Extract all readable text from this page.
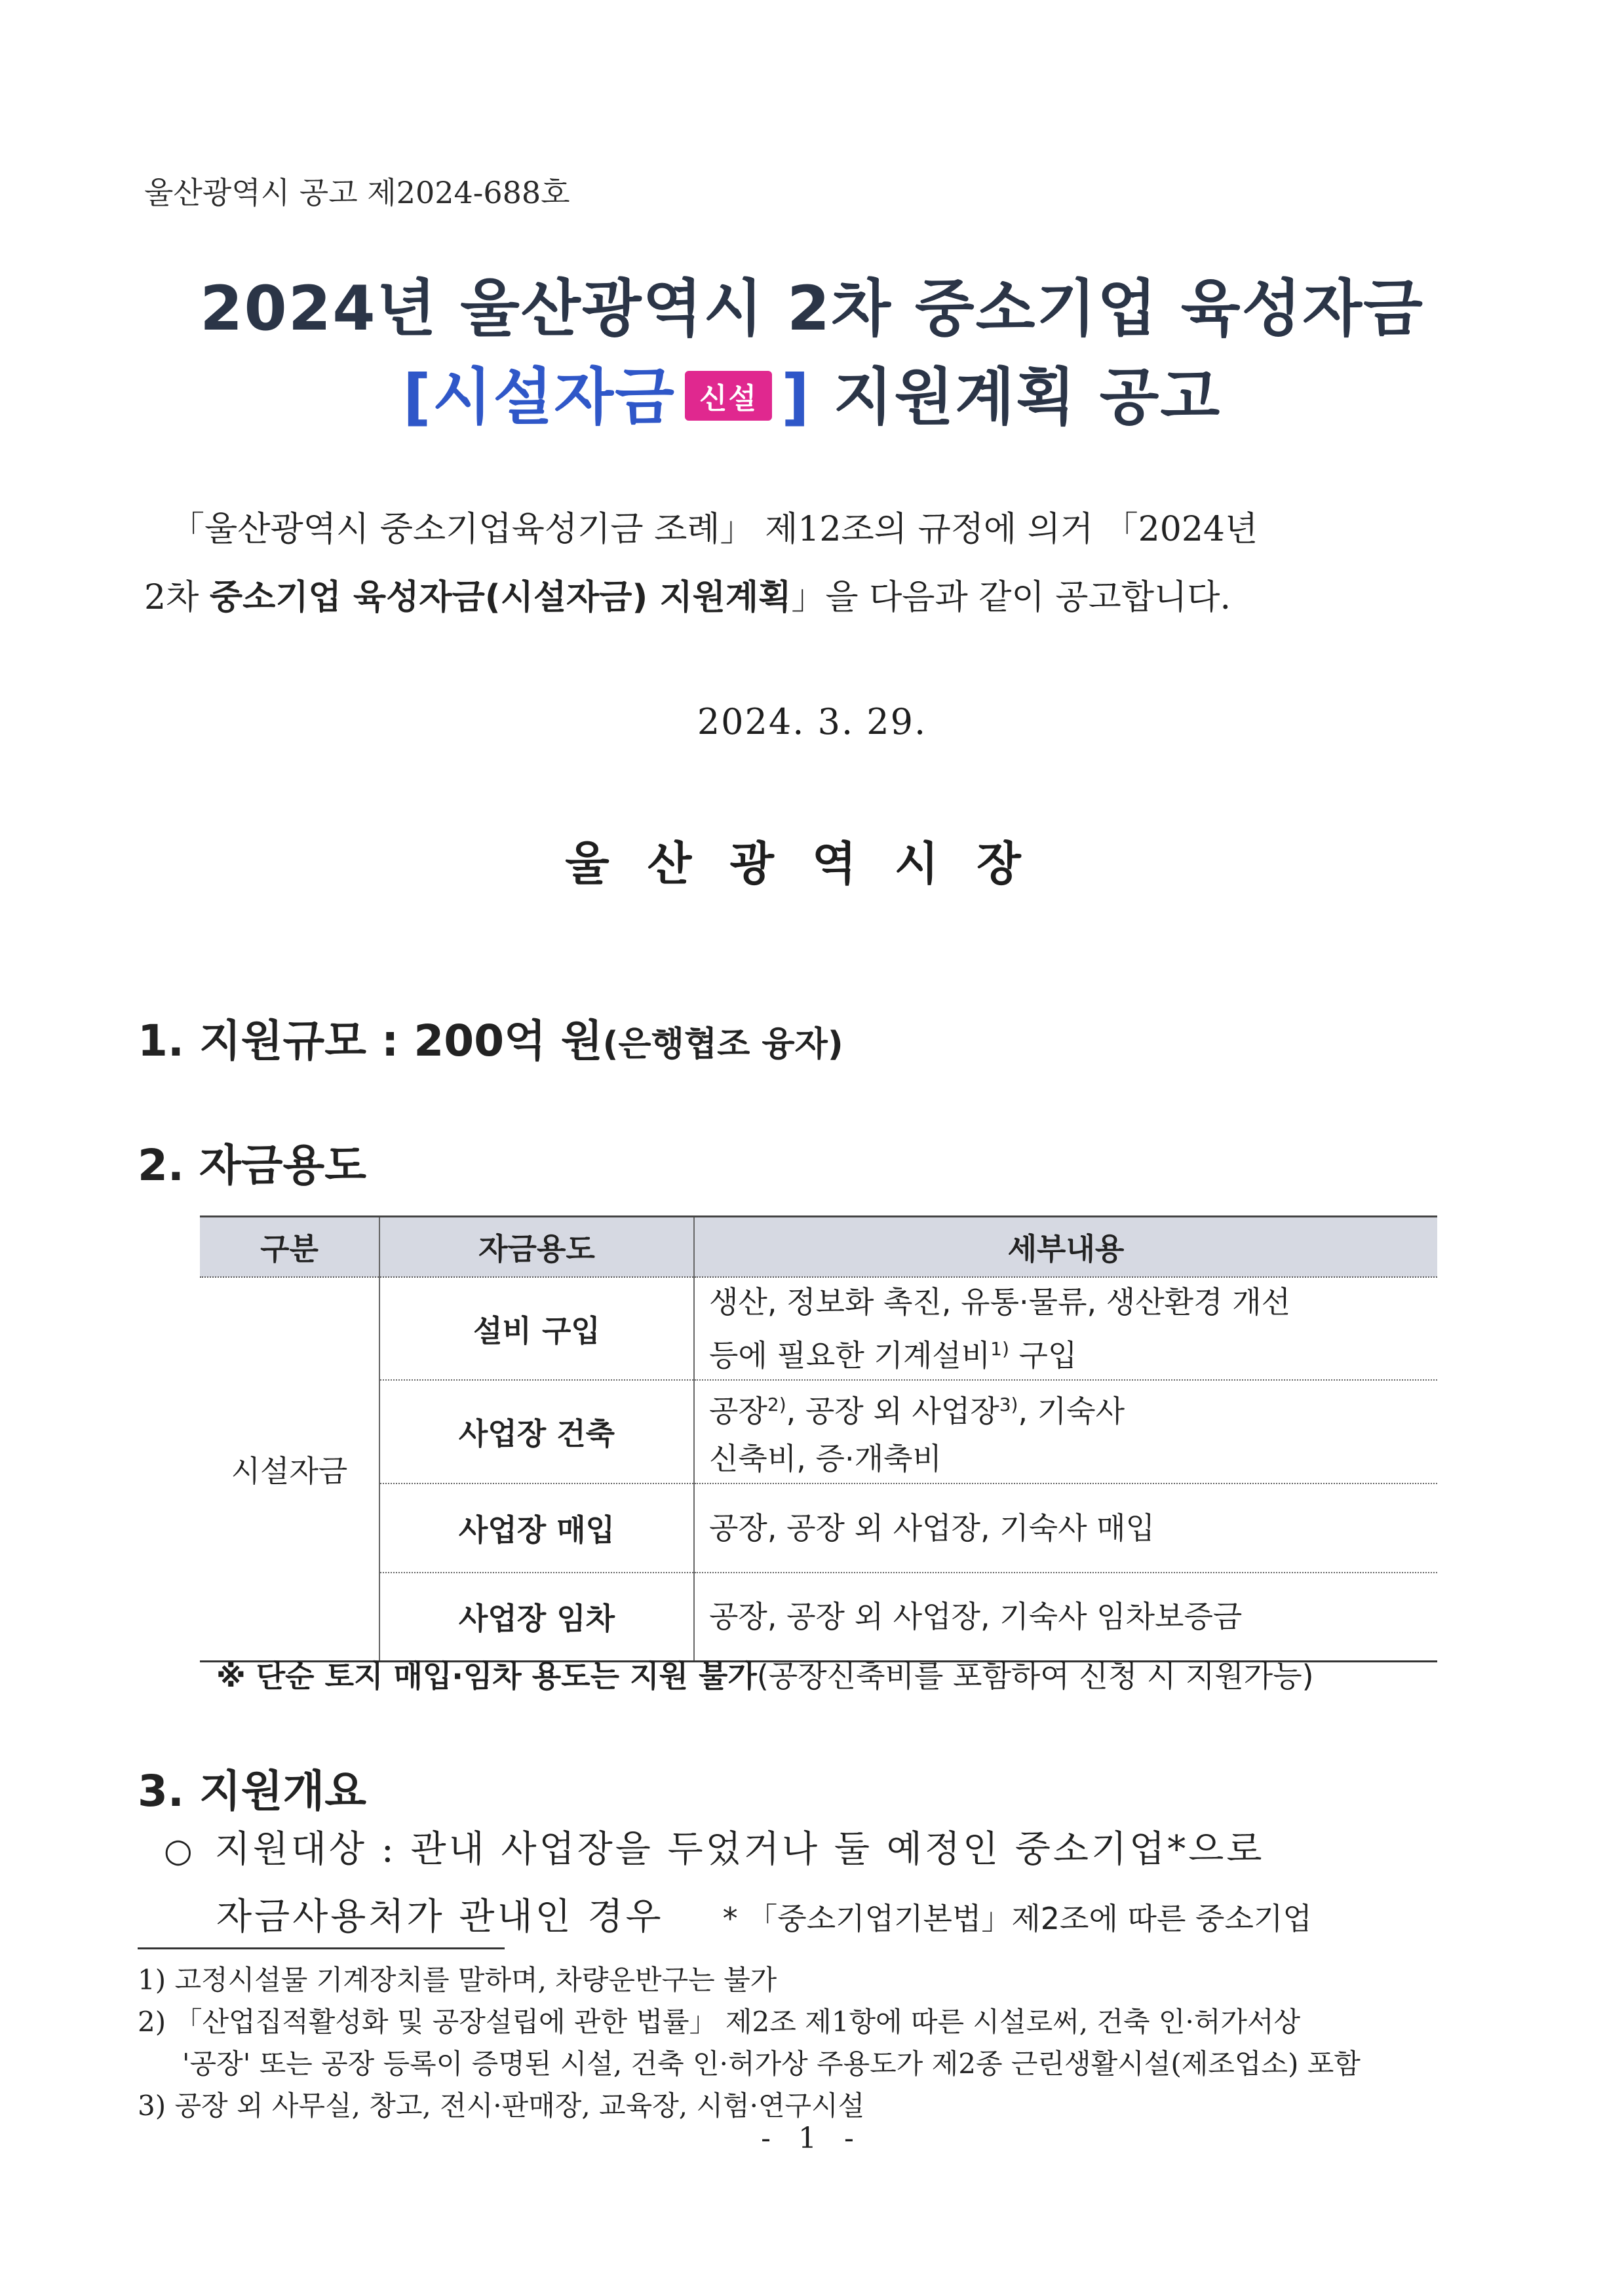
울산광역시 공고 제2024-688호
2024년 울산광역시 2차 중소기업 육성자금
[시설자금 신설 ] 지원계획 공고
「울산광역시 중소기업육성기금 조례」 제12조의 규정에 의거 「2024년
2차 중소기업 육성자금(시설자금) 지원계획」을 다음과 같이 공고합니다.
2024. 3. 29.
울산광역시장
1. 지원규모 : 200억 원(은행협조 융자)
2. 자금용도
구분	자금용도	세부내용
시설자금	설비 구입	생산, 정보화 촉진, 유통·물류, 생산환경 개선
등에 필요한 기계설비$^{1)}$ 구입

	사업장 건축	공장$^{2)}$, 공장 외 사업장$^{3)}$, 기숙사
신축비, 증·개축비

	사업장 매입	공장, 공장 외 사업장, 기숙사 매입
	사업장 임차	공장, 공장 외 사업장, 기숙사 임차보증금
※ 단순 토지 매입·임차 용도는 지원 불가(공장신축비를 포함하여 신청 시 지원가능)
3. 지원개요
○ 지원대상 : 관내 사업장을 두었거나 둘 예정인 중소기업*으로
자금사용처가 관내인 경우 * 「중소기업기본법」제2조에 따른 중소기업
1) 고정시설물 기계장치를 말하며, 차량운반구는 불가
2) 「산업집적활성화 및 공장설립에 관한 법률」 제2조 제1항에 따른 시설로써, 건축 인·허가서상
'공장' 또는 공장 등록이 증명된 시설, 건축 인·허가상 주용도가 제2종 근린생활시설(제조업소) 포함
3) 공장 외 사무실, 창고, 전시·판매장, 교육장, 시험·연구시설
- 1 -
